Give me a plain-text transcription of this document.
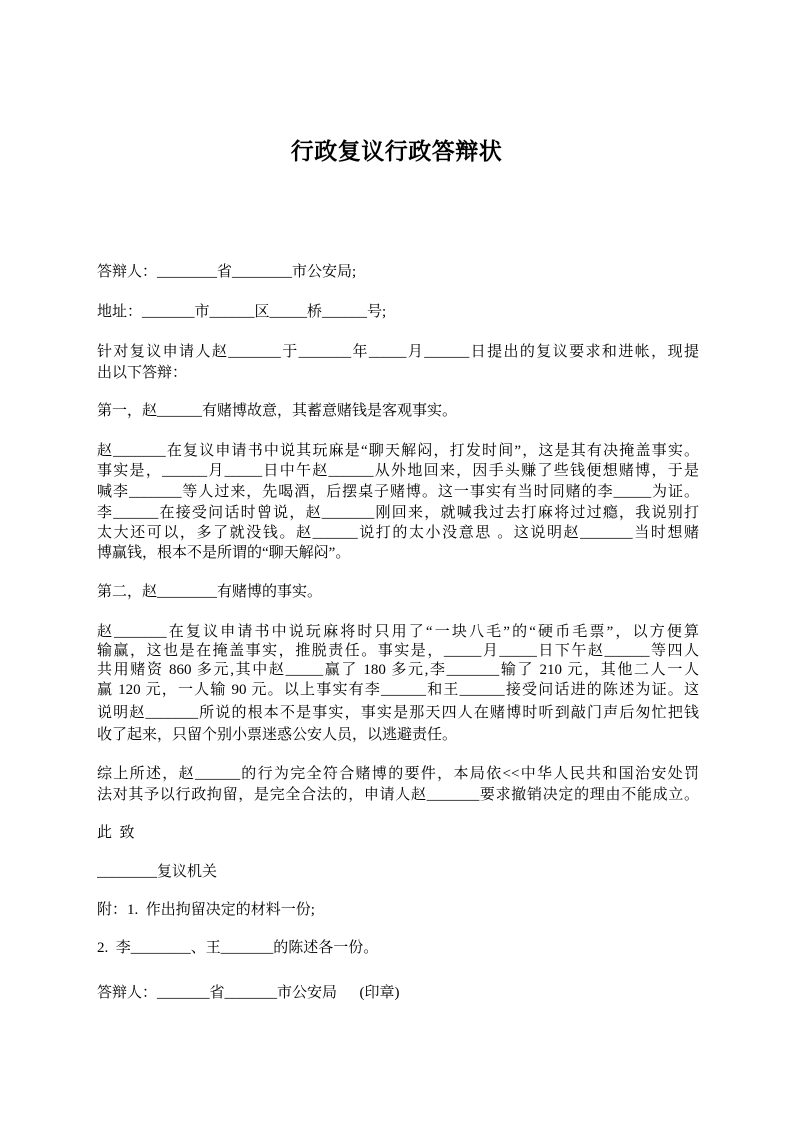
行政复议行政答辩状
答辩人：________省________市公安局;
地址：_______市______区_____桥______号;
针对复议申请人赵_______于_______年_____月______日提出的复议要求和进帐，现提
出以下答辩：
第一，赵______有赌博故意，其蓄意赌钱是客观事实。
赵_______在复议申请书中说其玩麻是“聊天解闷，打发时间”，这是其有决掩盖事实。
事实是，______月_____日中午赵______从外地回来，因手头赚了些钱便想赌博，于是
喊李_______等人过来，先喝酒，后摆桌子赌博。这一事实有当时同赌的李_____为证。
李______在接受问话时曾说，赵_______刚回来，就喊我过去打麻将过过瘾，我说别打
太大还可以，多了就没钱。赵______说打的太小没意思 。这说明赵_______当时想赌
博赢钱，根本不是所谓的“聊天解闷”。
第二，赵________有赌博的事实。
赵_______在复议申请书中说玩麻将时只用了“一块八毛”的“硬币毛票”，以方便算
输赢，这也是在掩盖事实，推脱责任。事实是，_____月_____日下午赵______等四人
共用赌资 860 多元,其中赵_____赢了 180 多元,李_______输了 210 元，其他二人一人
赢 120 元，一人输 90 元。以上事实有李______和王______接受问话进的陈述为证。这
说明赵_______所说的根本不是事实，事实是那天四人在赌博时听到敲门声后匆忙把钱
收了起来，只留个别小票迷惑公安人员，以逃避责任。
综上所述，赵______的行为完全符合赌博的要件，本局依<<中华人民共和国治安处罚
法对其予以行政拘留，是完全合法的，申请人赵_______要求撤销决定的理由不能成立。
此  致
________复议机关
附：1.  作出拘留决定的材料一份;
2.  李________、王_______的陈述各一份。
答辩人：_______省_______市公安局      (印章)
